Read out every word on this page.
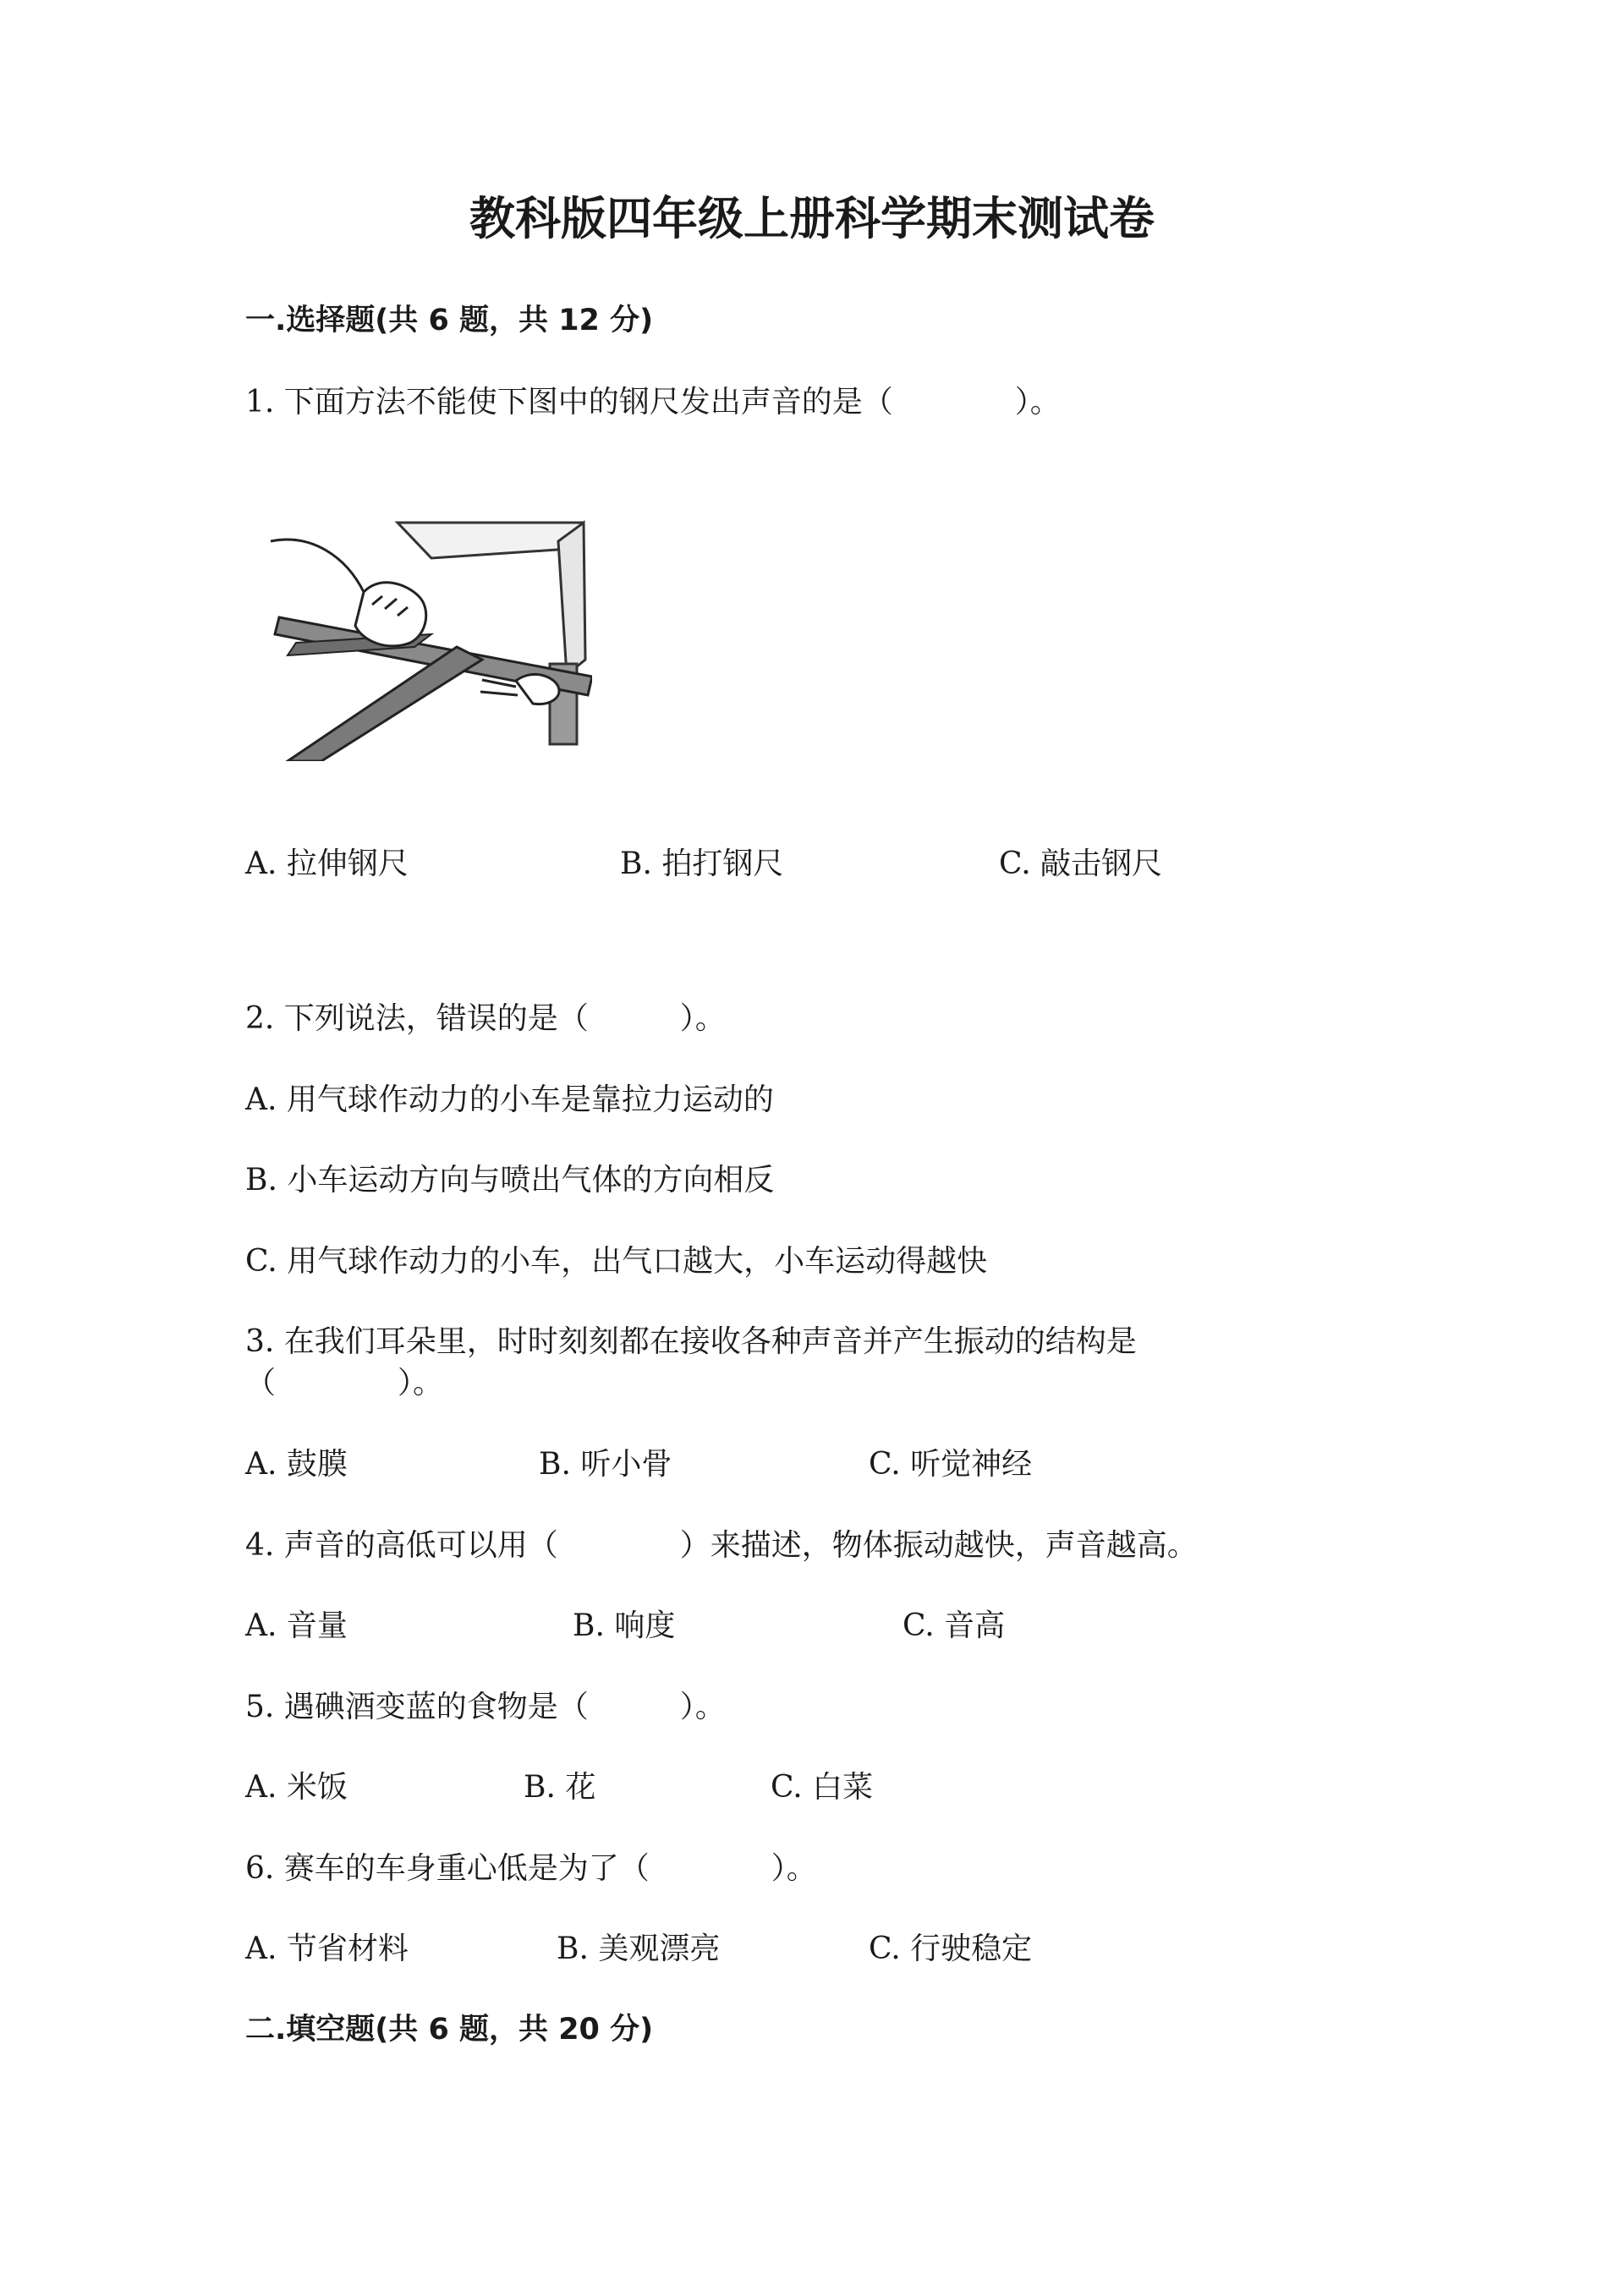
教科版四年级上册科学期末测试卷
一.选择题(共 6 题，共 12 分)
1. 下面方法不能使下图中的钢尺发出声音的是（　　　　）。
A. 拉伸钢尺	B. 拍打钢尺	C. 敲击钢尺
2. 下列说法，错误的是（　　　）。
A. 用气球作动力的小车是靠拉力运动的
B. 小车运动方向与喷出气体的方向相反
C. 用气球作动力的小车，出气口越大，小车运动得越快
3. 在我们耳朵里，时时刻刻都在接收各种声音并产生振动的结构是
（　　　　）。
A. 鼓膜	B. 听小骨	C. 听觉神经
4. 声音的高低可以用（　　　　）来描述，物体振动越快，声音越高。
A. 音量	B. 响度	C. 音高
5. 遇碘酒变蓝的食物是（　　　）。
A. 米饭	B. 花	C. 白菜
6. 赛车的车身重心低是为了（　　　　）。
A. 节省材料	B. 美观漂亮	C. 行驶稳定
二.填空题(共 6 题，共 20 分)
